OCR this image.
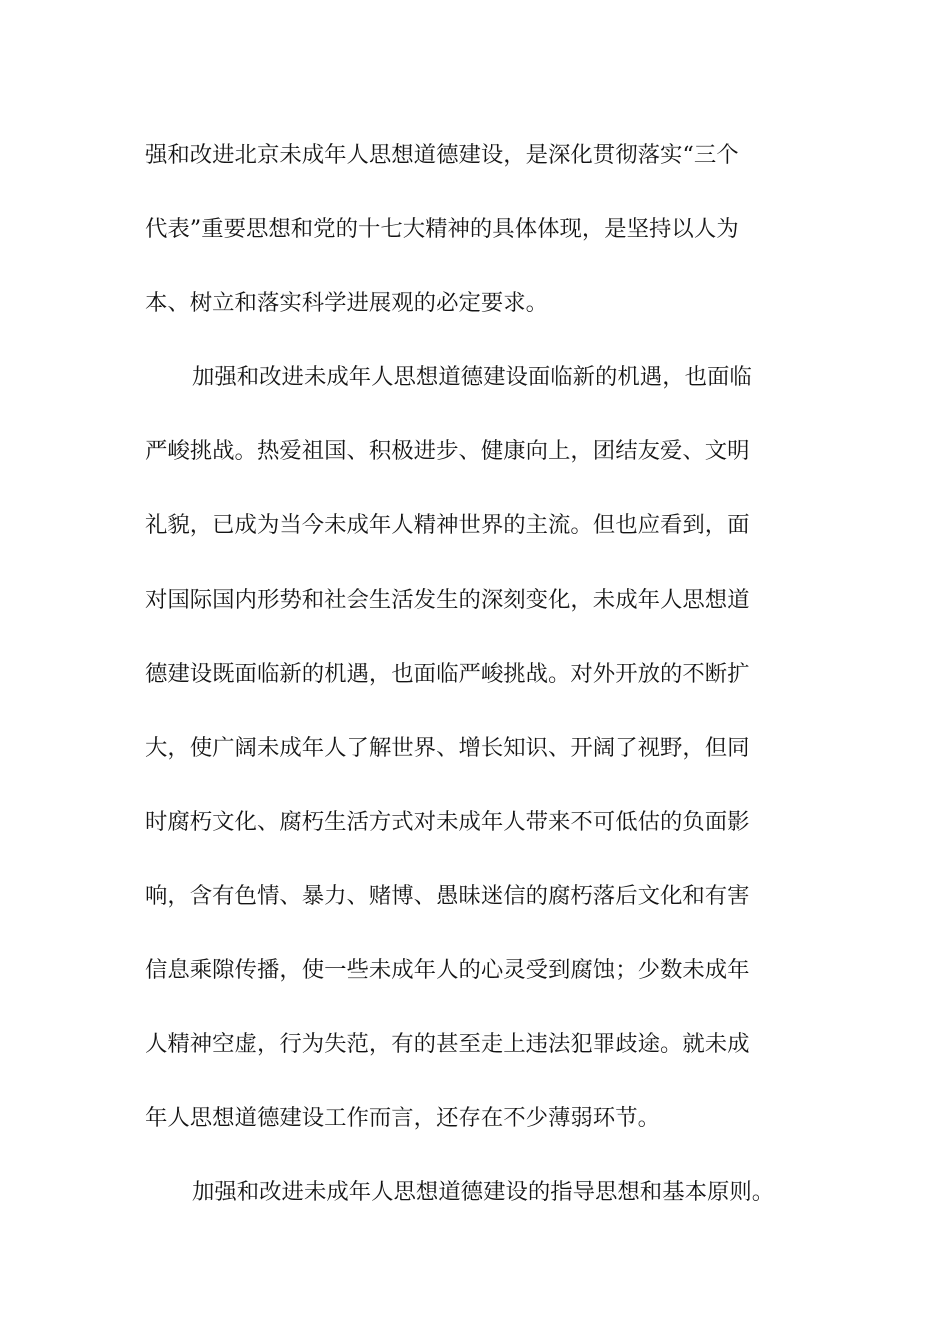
强和改进北京未成年人思想道德建设，是深化贯彻落实“三个
代表”重要思想和党的十七大精神的具体体现，是坚持以人为
本、树立和落实科学进展观的必定要求。
加强和改进未成年人思想道德建设面临新的机遇，也面临
严峻挑战。热爱祖国、积极进步、健康向上，团结友爱、文明
礼貌，已成为当今未成年人精神世界的主流。但也应看到，面
对国际国内形势和社会生活发生的深刻变化，未成年人思想道
德建设既面临新的机遇，也面临严峻挑战。对外开放的不断扩
大，使广阔未成年人了解世界、增长知识、开阔了视野，但同
时腐朽文化、腐朽生活方式对未成年人带来不可低估的负面影
响，含有色情、暴力、赌博、愚昧迷信的腐朽落后文化和有害
信息乘隙传播，使一些未成年人的心灵受到腐蚀；少数未成年
人精神空虚，行为失范，有的甚至走上违法犯罪歧途。就未成
年人思想道德建设工作而言，还存在不少薄弱环节。
加强和改进未成年人思想道德建设的指导思想和基本原则。
